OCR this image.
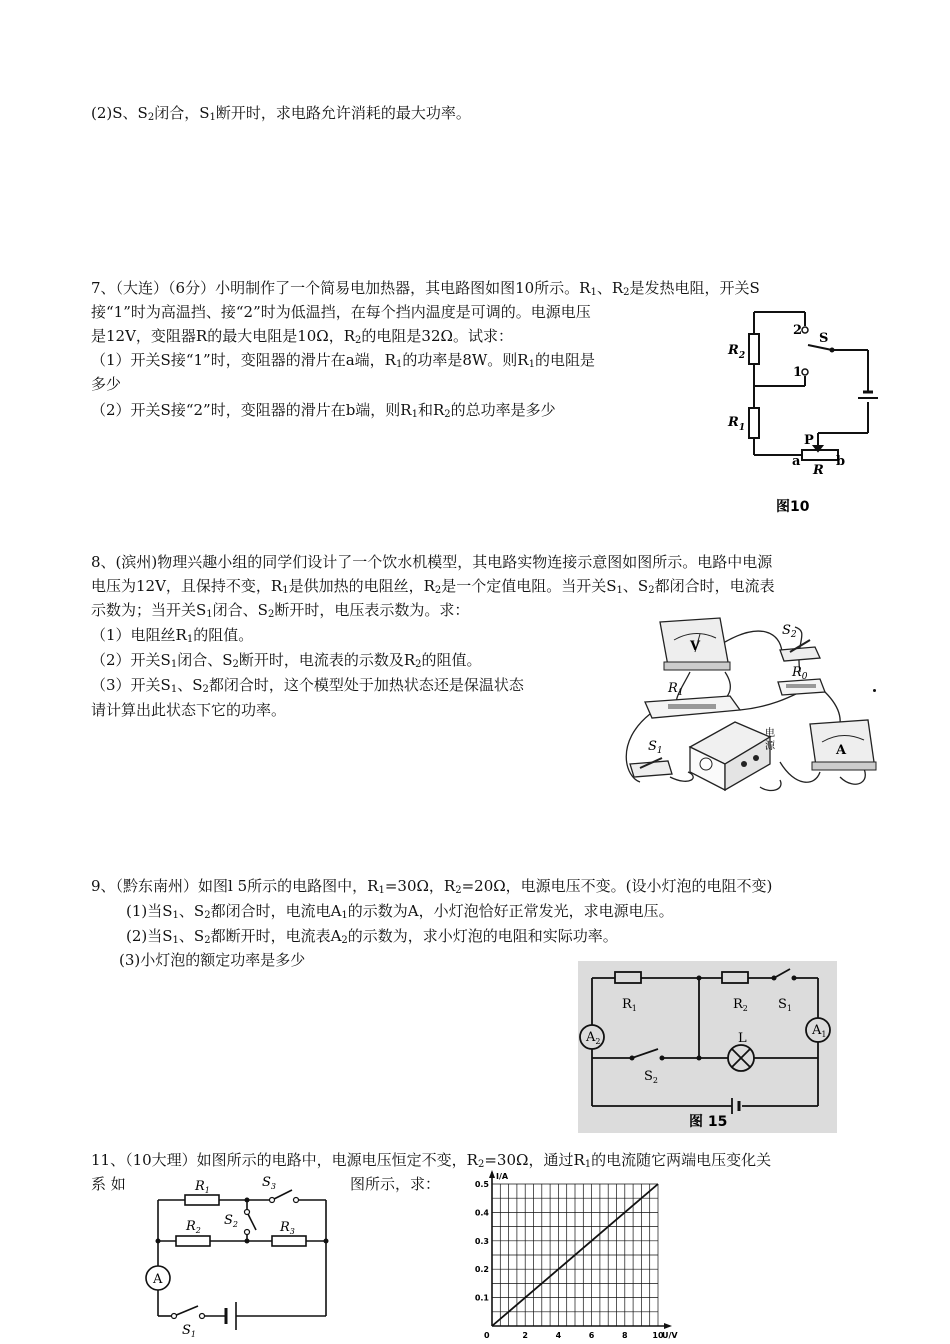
(2)S、$S_2$闭合，$S_1$断开时，求电路允许消耗的最大功率。
7、（大连）（6分）小明制作了一个简易电加热器，其电路图如图10所示。$R_1$、$R_2$是发热电阻，开关S
接“1”时为高温挡、接“2”时为低温挡，在每个挡内温度是可调的。电源电压
是12V，变阻器R的最大电阻是10Ω，$R_2$的电阻是32Ω。试求：
（1）开关S接“1”时，变阻器的滑片在a端，$R_1$的功率是8W。则$R_1$的电阻是
多少
（2）开关S接“2”时，变阻器的滑片在b端，则$R_1$和$R_2$的总功率是多少
$R_2$
$R_1$
2
1
S
P
a
R
b
图10
8、(滨州)物理兴趣小组的同学们设计了一个饮水机模型，其电路实物连接示意图如图所示。电路中电源
电压为12V，且保持不变，$R_1$是供加热的电阻丝，$R_2$是一个定值电阻。当开关$S_1$、$S_2$都闭合时，电流表
示数为；当开关$S_1$闭合、$S_2$断开时，电压表示数为。求：
（1）电阻丝$R_1$的阻值。
（2）开关$S_1$闭合、$S_2$断开时，电流表的示数及$R_2$的阻值。
（3）开关$S_1$、$S_2$都闭合时，这个模型处于加热状态还是保温状态
请计算出此状态下它的功率。
V
$R_1$
$S_2$
$R_0$
A
电
源
$S_1$
9、（黔东南州）如图l 5所示的电路图中，$R_1=30\Omega$，$R_2=20\Omega$，电源电压不变。(设小灯泡的电阻不变)
(1)当$S_1$、$S_2$都闭合时，电流电$A_1$的示数为A，小灯泡恰好正常发光，求电源电压。
(2)当$S_1$、$S_2$都断开时，电流表$A_2$的示数为，求小灯泡的电阻和实际功率。
(3)小灯泡的额定功率是多少
$A_2$
$A_1$
L
$R_1$	$R_2$ $S_1$
$S_2$
图 15
11、（10大理）如图所示的电路中，电源电压恒定不变，$R_2=30\Omega$，通过$R_1$的电流随它两端电压变化关
系 如	图所示，求：
A
$R_1$
$S_3$
$R_2$
$S_2$	$R_3$
$S_1$	2	4	6	8	10
0.1
0.2
0.3
0.4
0.5
I/A
U/V
0
